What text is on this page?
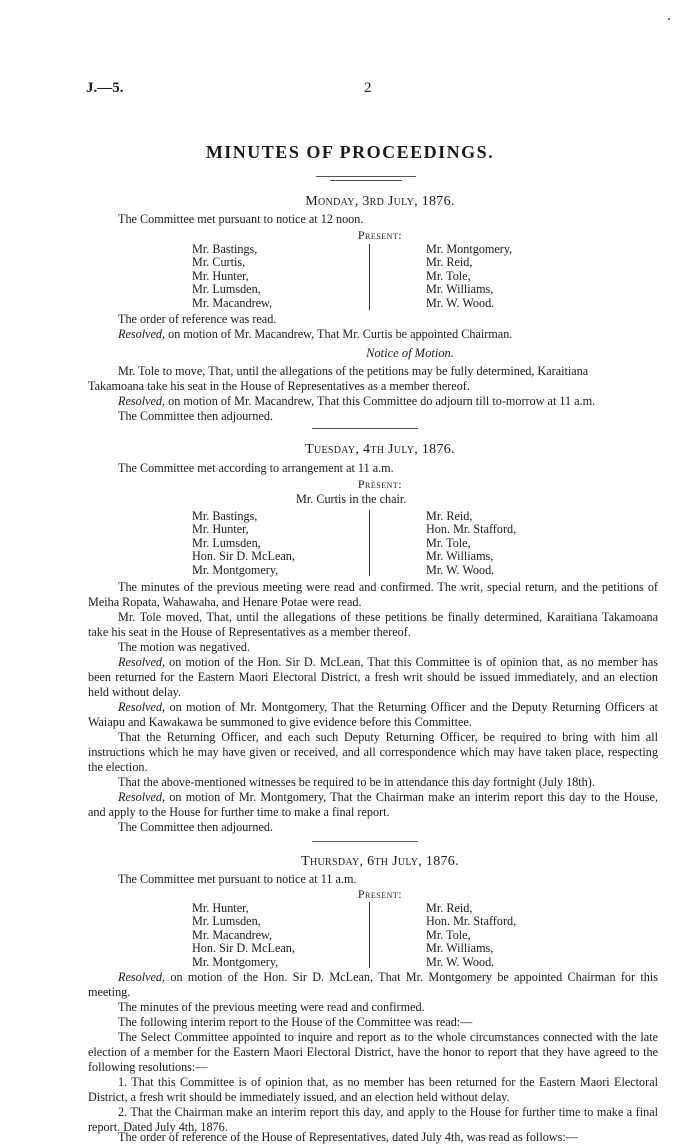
J.—5.	2
MINUTES OF PROCEEDINGS.
Monday, 3rd July, 1876.
The Committee met pursuant to notice at 12 noon.
Present:
Mr. Bastings,
Mr. Curtis,
Mr. Hunter,
Mr. Lumsden,
Mr. Macandrew,
Mr. Montgomery,
Mr. Reid,
Mr. Tole,
Mr. Williams,
Mr. W. Wood.
The order of reference was read.
Resolved, on motion of Mr. Macandrew, That Mr. Curtis be appointed Chairman.
Notice of Motion.
Mr. Tole to move, That, until the allegations of the petitions may be fully determined, Karaitiana
Takamoana take his seat in the House of Representatives as a member thereof.
Resolved, on motion of Mr. Macandrew, That this Committee do adjourn till to-morrow at 11 a.m.
The Committee then adjourned.
Tuesday, 4th July, 1876.
The Committee met according to arrangement at 11 a.m.
Present:
Mr. Curtis in the chair.
Mr. Bastings,
Mr. Hunter,
Mr. Lumsden,
Hon. Sir D. McLean,
Mr. Montgomery,
Mr. Reid,
Hon. Mr. Stafford,
Mr. Tole,
Mr. Williams,
Mr. W. Wood.
The minutes of the previous meeting were read and confirmed. The writ, special return, and the petitions of Meiha Ropata, Wahawaha, and Henare Potae were read.
Mr. Tole moved, That, until the allegations of these petitions be finally determined, Karaitiana Takamoana take his seat in the House of Representatives as a member thereof.
The motion was negatived.
Resolved, on motion of the Hon. Sir D. McLean, That this Committee is of opinion that, as no member has been returned for the Eastern Maori Electoral District, a fresh writ should be issued immediately, and an election held without delay.
Resolved, on motion of Mr. Montgomery, That the Returning Officer and the Deputy Returning Officers at Waiapu and Kawakawa be summoned to give evidence before this Committee.
That the Returning Officer, and each such Deputy Returning Officer, be required to bring with him all instructions which he may have given or received, and all correspondence which may have taken place, respecting the election.
That the above-mentioned witnesses be required to be in attendance this day fortnight (July 18th).
Resolved, on motion of Mr. Montgomery, That the Chairman make an interim report this day to the House, and apply to the House for further time to make a final report.
The Committee then adjourned.
Thursday, 6th July, 1876.
The Committee met pursuant to notice at 11 a.m.
Present:
Mr. Hunter,
Mr. Lumsden,
Mr. Macandrew,
Hon. Sir D. McLean,
Mr. Montgomery,
Mr. Reid,
Hon. Mr. Stafford,
Mr. Tole,
Mr. Williams,
Mr. W. Wood.
Resolved, on motion of the Hon. Sir D. McLean, That Mr. Montgomery be appointed Chairman for this meeting.
The minutes of the previous meeting were read and confirmed.
The following interim report to the House of the Committee was read:—
The Select Committee appointed to inquire and report as to the whole circumstances connected with the late election of a member for the Eastern Maori Electoral District, have the honor to report that they have agreed to the following resolutions:—
1. That this Committee is of opinion that, as no member has been returned for the Eastern Maori Electoral District, a fresh writ should be immediately issued, and an election held without delay.
2. That the Chairman make an interim report this day, and apply to the House for further time to make a final report. Dated July 4th, 1876.
The order of reference of the House of Representatives, dated July 4th, was read as follows:—
